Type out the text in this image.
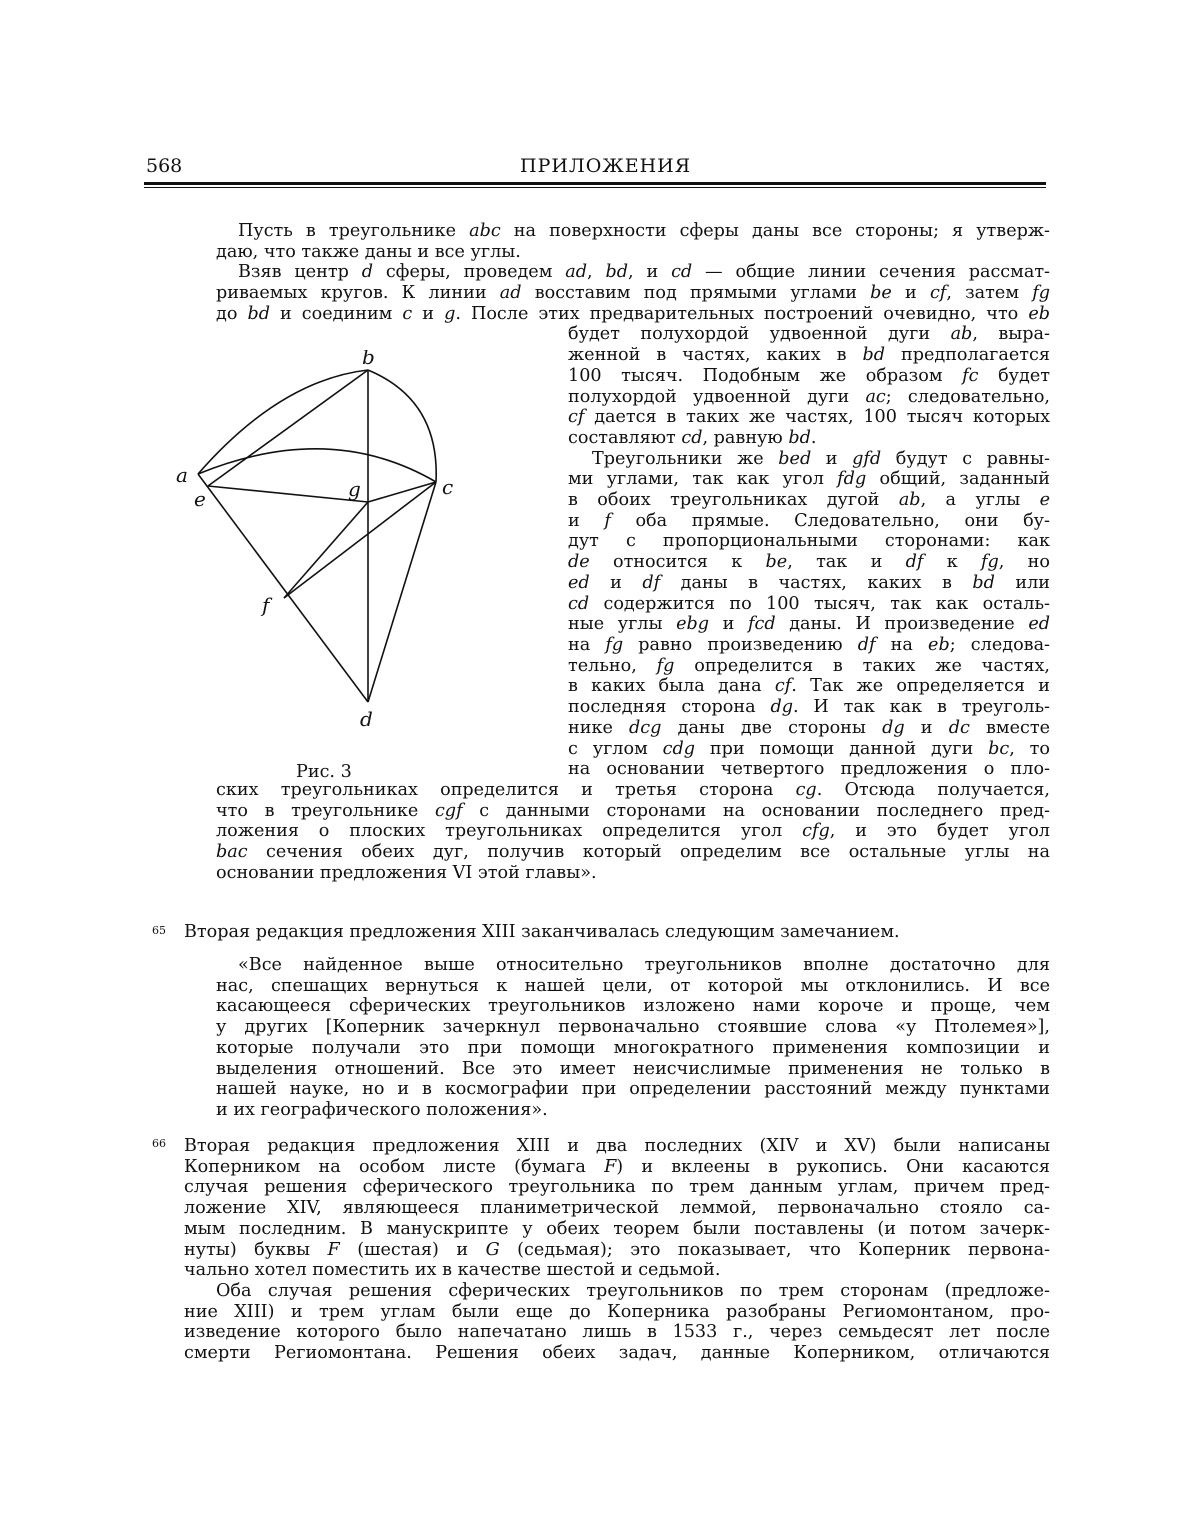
568	ПРИЛОЖЕНИЯ
b
a
e	g	c
f
d
Рис. 3
Пусть в треугольнике abc на поверхности сферы даны все стороны; я утверж-
даю, что также даны и все углы.
Взяв центр d сферы, проведем ad, bd, и cd — общие линии сечения рассмат-
риваемых кругов. К линии ad восставим под прямыми углами be и cf, затем fg
до bd и соединим c и g. После этих предварительных построений очевидно, что eb
будет полухордой удвоенной дуги ab, выра-
женной в частях, каких в bd предполагается
100 тысяч. Подобным же образом fc будет
полухордой удвоенной дуги ac; следовательно,
cf дается в таких же частях, 100 тысяч которых
составляют cd, равную bd.
Треугольники же bed и gfd будут с равны-
ми углами, так как угол fdg общий, заданный
в обоих треугольниках дугой ab, а углы e
и f оба прямые. Следовательно, они бу-
дут с пропорциональными сторонами: как
de относится к be, так и df к fg, но
ed и df даны в частях, каких в bd или
cd содержится по 100 тысяч, так как осталь-
ные углы ebg и fcd даны. И произведение ed
на fg равно произведению df на eb; следова-
тельно, fg определится в таких же частях,
в каких была дана cf. Так же определяется и
последняя сторона dg. И так как в треуголь-
нике dcg даны две стороны dg и dc вместе
с углом cdg при помощи данной дуги bc, то
на основании четвертого предложения о пло-
ских треугольниках определится и третья сторона cg. Отсюда получается,
что в треугольнике cgf с данными сторонами на основании последнего пред-
ложения о плоских треугольниках определится угол cfg, и это будет угол
bac сечения обеих дуг, получив который определим все остальные углы на
основании предложения VI этой главы».
65
66
Вторая редакция предложения XIII заканчивалась следующим замечанием.
«Все найденное выше относительно треугольников вполне достаточно для
нас, спешащих вернуться к нашей цели, от которой мы отклонились. И все
касающееся сферических треугольников изложено нами короче и проще, чем
у других [Коперник зачеркнул первоначально стоявшие слова «у Птолемея»],
которые получали это при помощи многократного применения композиции и
выделения отношений. Все это имеет неисчислимые применения не только в
нашей науке, но и в космографии при определении расстояний между пунктами
и их географического положения».
Вторая редакция предложения XIII и два последних (XIV и XV) были написаны
Коперником на особом листе (бумага F) и вклеены в рукопись. Они касаются
случая решения сферического треугольника по трем данным углам, причем пред-
ложение XIV, являющееся планиметрической леммой, первоначально стояло са-
мым последним. В манускрипте у обеих теорем были поставлены (и потом зачерк-
нуты) буквы F (шестая) и G (седьмая); это показывает, что Коперник первона-
чально хотел поместить их в качестве шестой и седьмой.
Оба случая решения сферических треугольников по трем сторонам (предложе-
ние XIII) и трем углам были еще до Коперника разобраны Региомонтаном, про-
изведение которого было напечатано лишь в 1533 г., через семьдесят лет после
смерти Региомонтана. Решения обеих задач, данные Коперником, отличаются
